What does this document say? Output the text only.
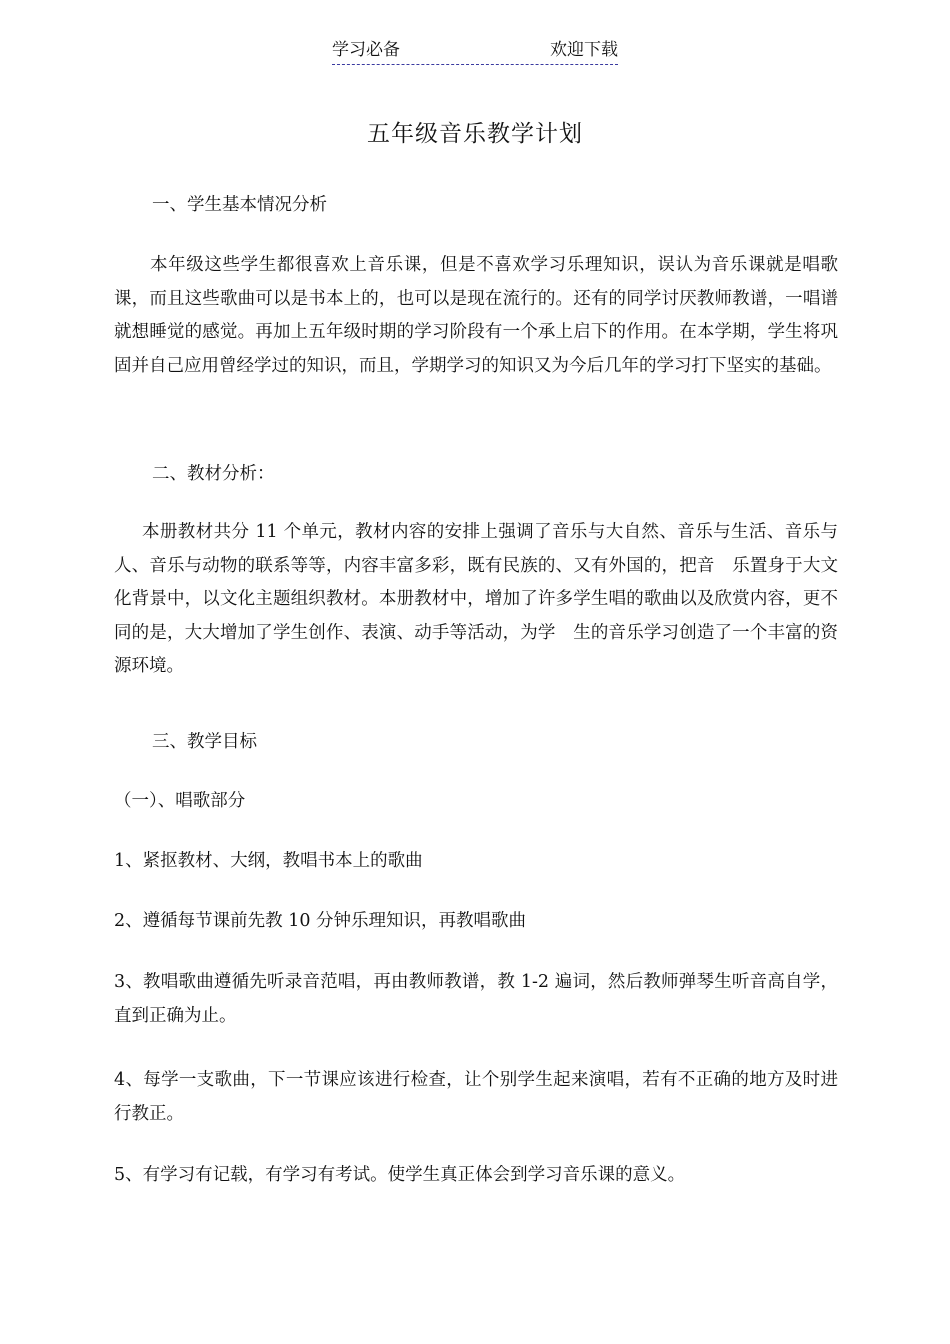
学习必备	欢迎下载
五年级音乐教学计划
一、学生基本情况分析
本年级这些学生都很喜欢上音乐课，但是不喜欢学习乐理知识，误认为音乐课就是唱歌课，而且这些歌曲可以是书本上的，也可以是现在流行的。还有的同学讨厌教师教谱，一唱谱就想睡觉的感觉。再加上五年级时期的学习阶段有一个承上启下的作用。在本学期，学生将巩固并自己应用曾经学过的知识，而且，学期学习的知识又为今后几年的学习打下坚实的基础。
二、教材分析：
本册教材共分 11 个单元，教材内容的安排上强调了音乐与大自然、音乐与生活、音乐与人、音乐与动物的联系等等，内容丰富多彩，既有民族的、又有外国的，把音　乐置身于大文化背景中，以文化主题组织教材。本册教材中，增加了许多学生唱的歌曲以及欣赏内容，更不同的是，大大增加了学生创作、表演、动手等活动，为学　生的音乐学习创造了一个丰富的资源环境。
三、教学目标
（一）、唱歌部分
1、紧抠教材、大纲，教唱书本上的歌曲
2、遵循每节课前先教 10 分钟乐理知识，再教唱歌曲
3、教唱歌曲遵循先听录音范唱，再由教师教谱，教 1-2 遍词，然后教师弹琴生听音高自学，直到正确为止。
4、每学一支歌曲，下一节课应该进行检查，让个别学生起来演唱，若有不正确的地方及时进行教正。
5、有学习有记载，有学习有考试。使学生真正体会到学习音乐课的意义。
